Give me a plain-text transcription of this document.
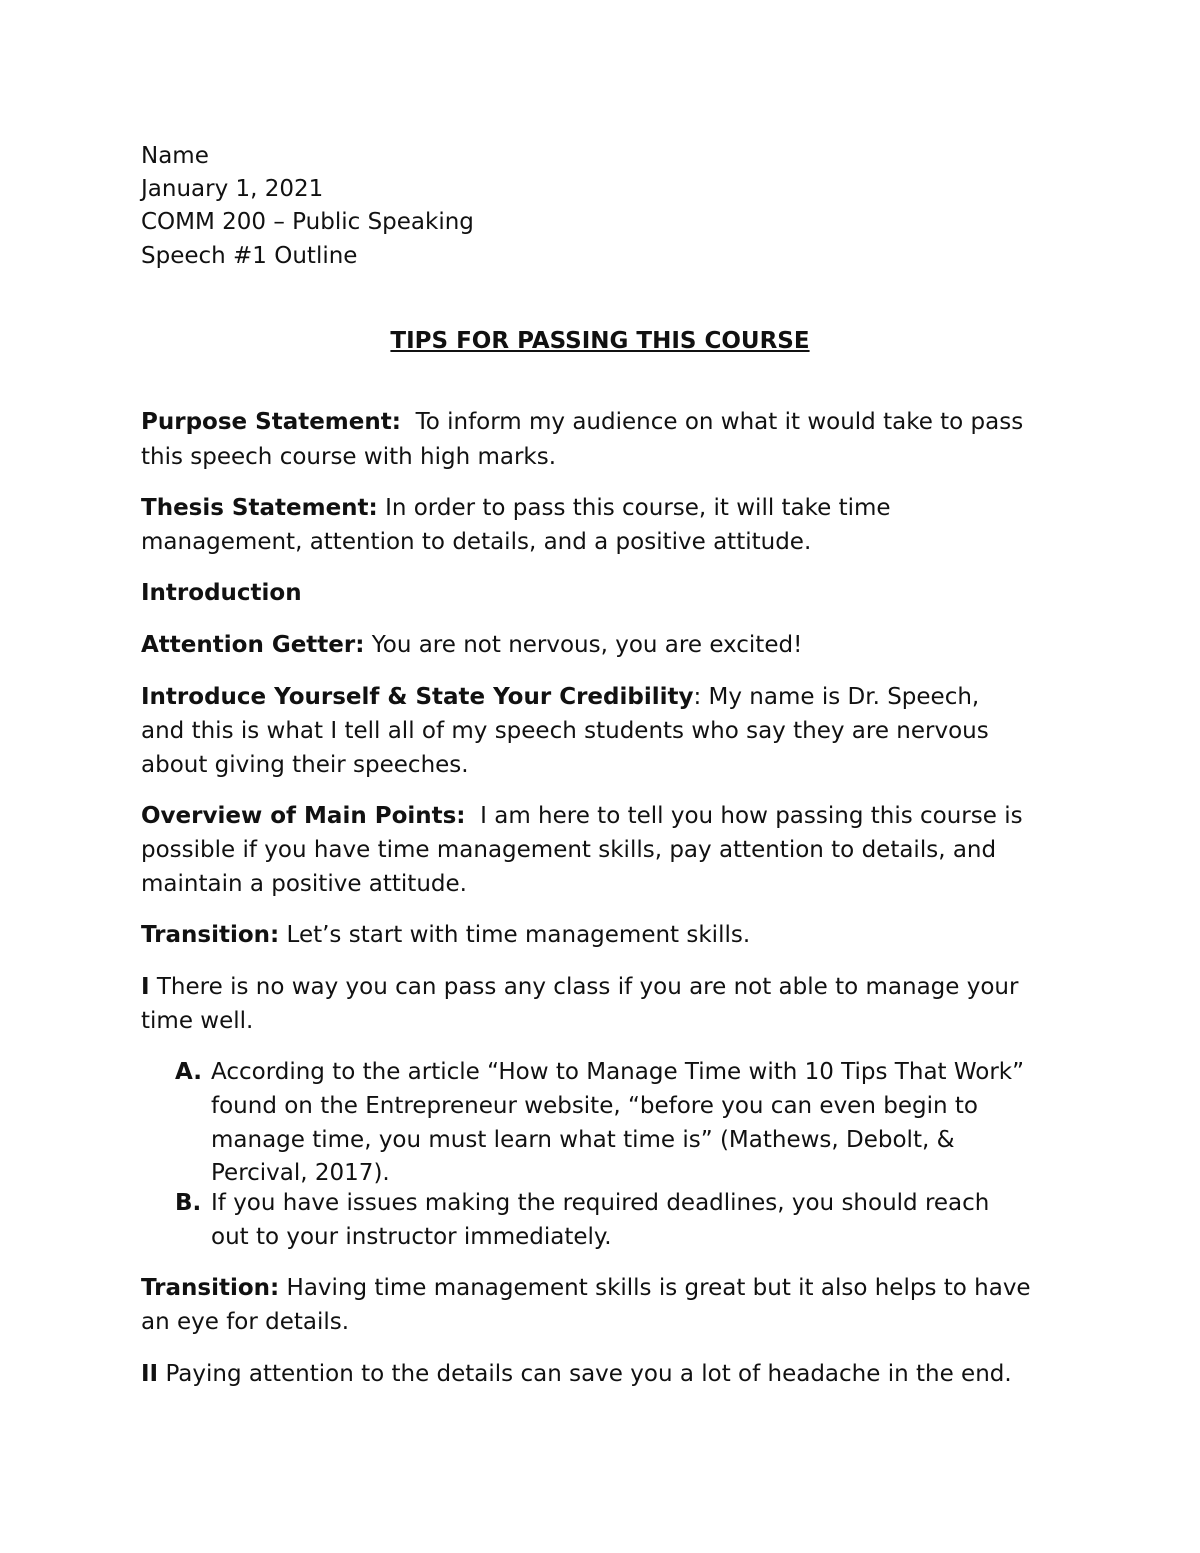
Name
January 1, 2021
COMM 200 – Public Speaking
Speech #1 Outline
TIPS FOR PASSING THIS COURSE
Purpose Statement: To inform my audience on what it would take to pass
this speech course with high marks.
Thesis Statement: In order to pass this course, it will take time
management, attention to details, and a positive attitude.
Introduction
Attention Getter: You are not nervous, you are excited!
Introduce Yourself & State Your Credibility: My name is Dr. Speech,
and this is what I tell all of my speech students who say they are nervous
about giving their speeches.
Overview of Main Points: I am here to tell you how passing this course is
possible if you have time management skills, pay attention to details, and
maintain a positive attitude.
Transition: Let’s start with time management skills.
I There is no way you can pass any class if you are not able to manage your
time well.
A. According to the article “How to Manage Time with 10 Tips That Work”
found on the Entrepreneur website, “before you can even begin to
manage time, you must learn what time is” (Mathews, Debolt, &
Percival, 2017).
B. If you have issues making the required deadlines, you should reach
out to your instructor immediately.
Transition: Having time management skills is great but it also helps to have
an eye for details.
II Paying attention to the details can save you a lot of headache in the end.
